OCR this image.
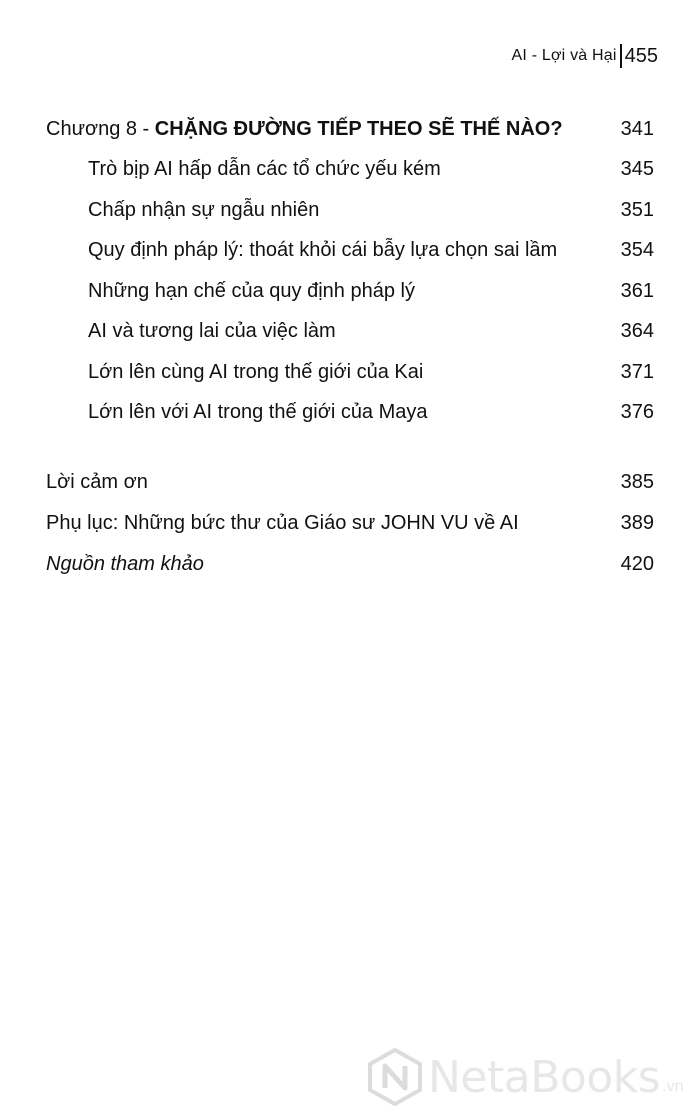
AI - Lợi và Hại 455
Chương 8 - CHẶNG ĐƯỜNG TIẾP THEO SẼ THẾ NÀO?	341
Trò bịp AI hấp dẫn các tổ chức yếu kém	345
Chấp nhận sự ngẫu nhiên	351
Quy định pháp lý: thoát khỏi cái bẫy lựa chọn sai lầm	354
Những hạn chế của quy định pháp lý	361
AI và tương lai của việc làm	364
Lớn lên cùng AI trong thế giới của Kai	371
Lớn lên với AI trong thế giới của Maya	376
Lời cảm ơn	385
Phụ lục: Những bức thư của Giáo sư JOHN VU về AI	389
Nguồn tham khảo	420
NetaBooks .vn
